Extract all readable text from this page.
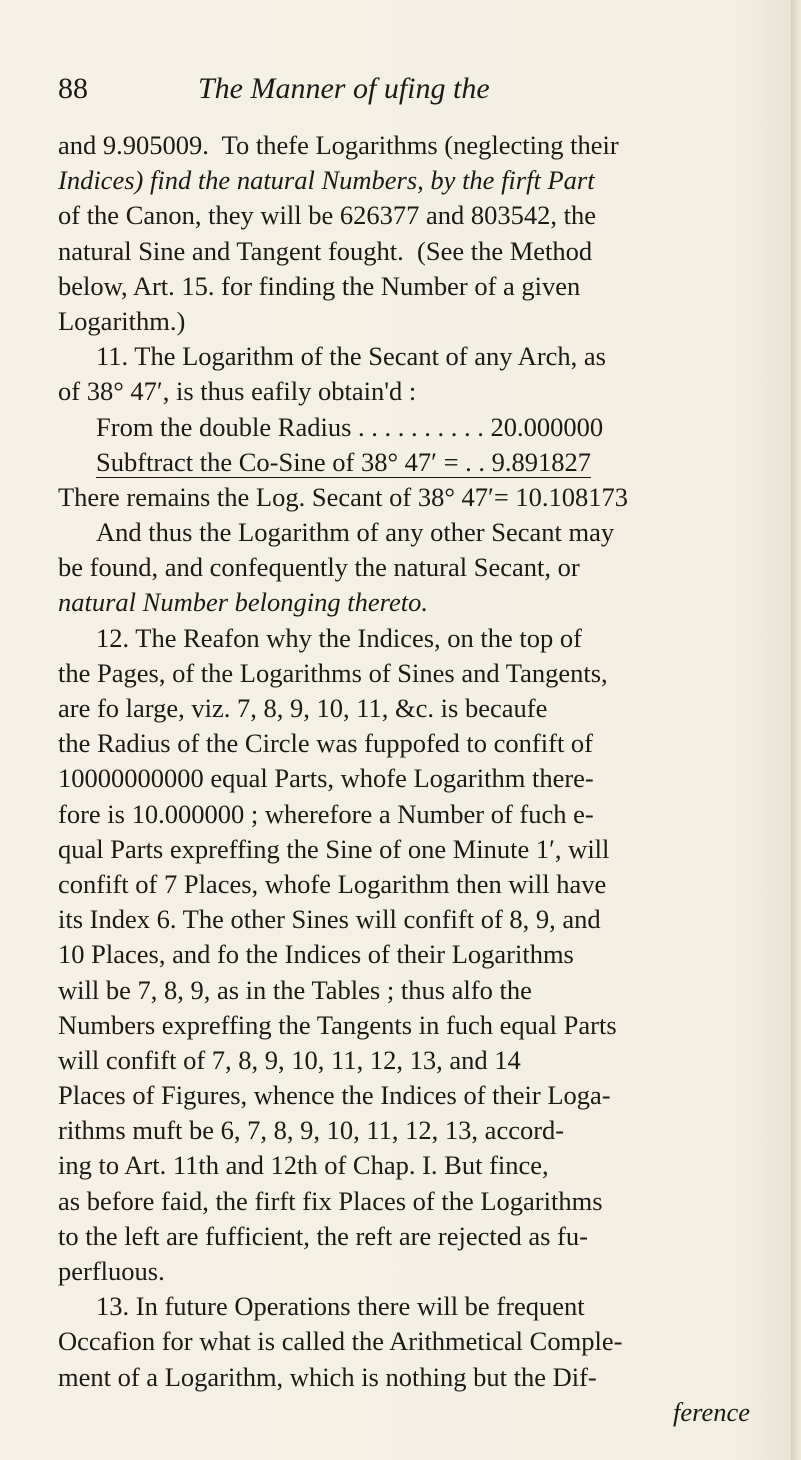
88	The Manner of ufing the
and 9.905009.  To thefe Logarithms (neglecting their
Indices) find the natural Numbers, by the firft Part
of the Canon, they will be 626377 and 803542, the
natural Sine and Tangent fought.  (See the Method
below, Art. 15. for finding the Number of a given
Logarithm.)
11. The Logarithm of the Secant of any Arch, as
of 38° 47′, is thus eafily obtain'd :
From the double Radius . . . . . . . . . . 20.000000
Subftract the Co-Sine of 38° 47′ = . . 9.891827
There remains the Log. Secant of 38° 47′= 10.108173
And thus the Logarithm of any other Secant may
be found, and confequently the natural Secant, or
natural Number belonging thereto.
12. The Reafon why the Indices, on the top of
the Pages, of the Logarithms of Sines and Tangents,
are fo large, viz. 7, 8, 9, 10, 11, &c. is becaufe
the Radius of the Circle was fuppofed to confift of
10000000000 equal Parts, whofe Logarithm there-
fore is 10.000000 ; wherefore a Number of fuch e-
qual Parts expreffing the Sine of one Minute 1′, will
confift of 7 Places, whofe Logarithm then will have
its Index 6. The other Sines will confift of 8, 9, and
10 Places, and fo the Indices of their Logarithms
will be 7, 8, 9, as in the Tables ; thus alfo the
Numbers expreffing the Tangents in fuch equal Parts
will confift of 7, 8, 9, 10, 11, 12, 13, and 14
Places of Figures, whence the Indices of their Loga-
rithms muft be 6, 7, 8, 9, 10, 11, 12, 13, accord-
ing to Art. 11th and 12th of Chap. I. But fince,
as before faid, the firft fix Places of the Logarithms
to the left are fufficient, the reft are rejected as fu-
perfluous.
13. In future Operations there will be frequent
Occafion for what is called the Arithmetical Comple-
ment of a Logarithm, which is nothing but the Dif-
ference
